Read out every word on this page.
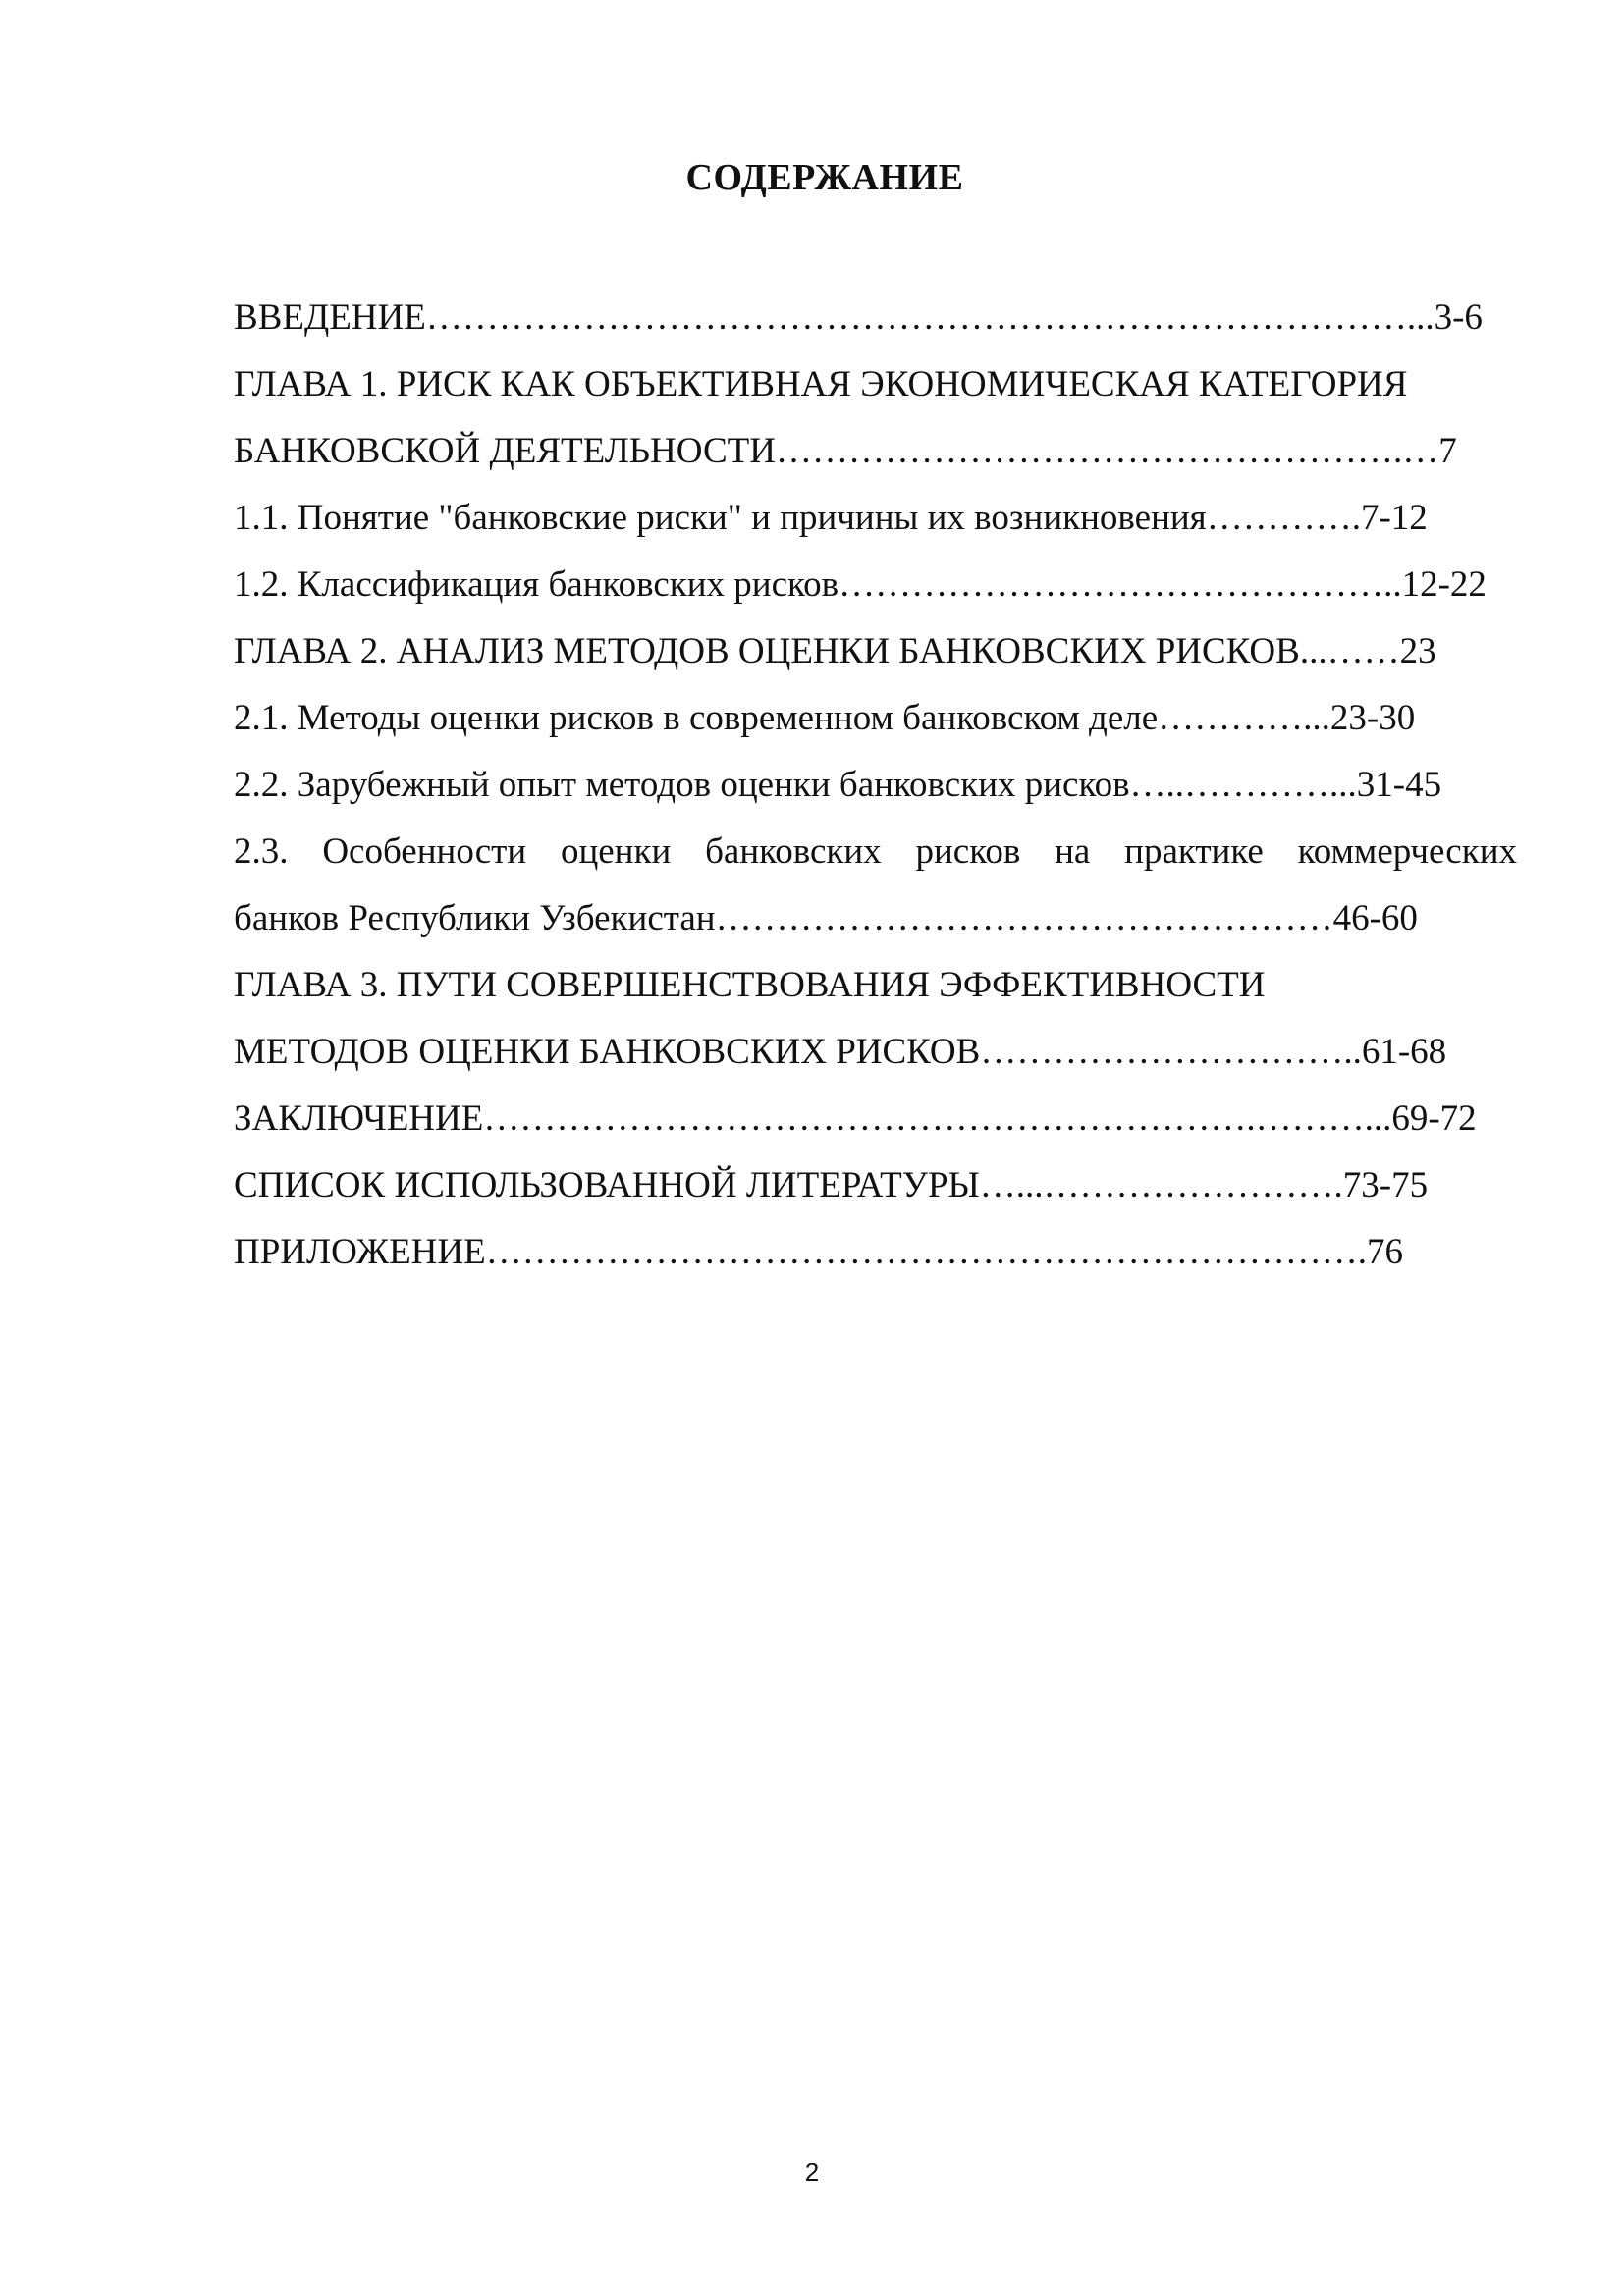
СОДЕРЖАНИЕ
ВВЕДЕНИЕ………………………………………………………………………...3-6
ГЛАВА 1. РИСК КАК ОБЪЕКТИВНАЯ ЭКОНОМИЧЕСКАЯ КАТЕГОРИЯ
БАНКОВСКОЙ ДЕЯТЕЛЬНОСТИ…………………………………………….…7
1.1. Понятие "банковские риски" и причины их возникновения………….7-12
1.2. Классификация банковских рисков………………………………………..12-22
ГЛАВА 2. АНАЛИЗ МЕТОДОВ ОЦЕНКИ БАНКОВСКИХ РИСКОВ...……23
2.1. Методы оценки рисков в современном банковском деле…………...23-30
2.2. Зарубежный опыт методов оценки банковских рисков…..…………...31-45
2.3. Особенности оценки банковских рисков на практике коммерческих
банков Республики Узбекистан……………………………………………46-60
ГЛАВА 3. ПУТИ СОВЕРШЕНСТВОВАНИЯ ЭФФЕКТИВНОСТИ
МЕТОДОВ ОЦЕНКИ БАНКОВСКИХ РИСКОВ…………………………..61-68
ЗАКЛЮЧЕНИЕ……………………………………………………….………...69-72
СПИСОК ИСПОЛЬЗОВАННОЙ ЛИТЕРАТУРЫ…...…………………….73-75
ПРИЛОЖЕНИЕ……………………………………………………………….76
2
